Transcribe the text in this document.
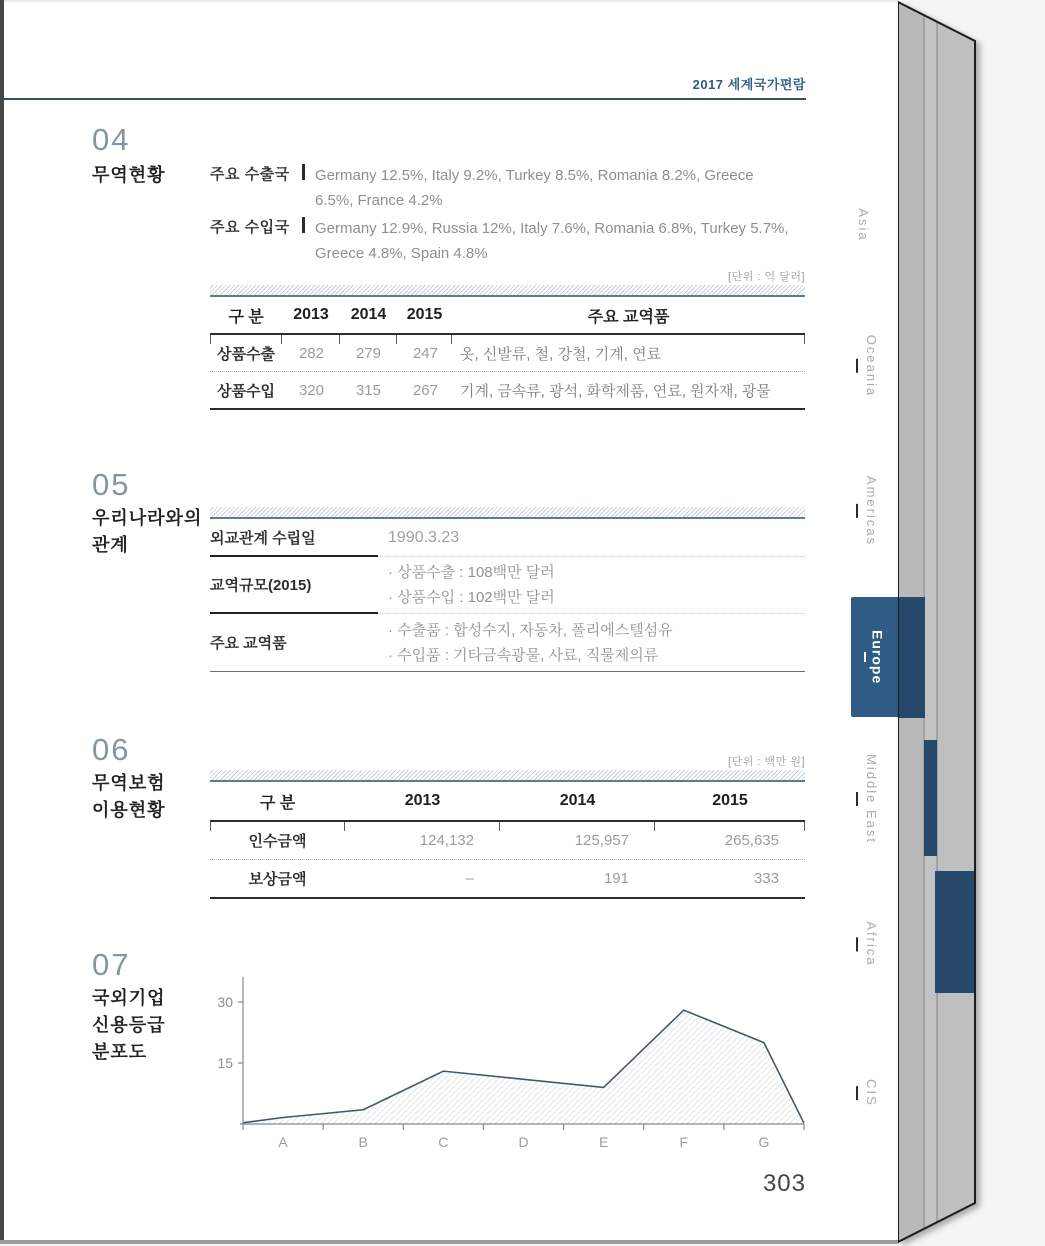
2017 세계국가편람
04
무역현황	주요 수출국	Germany 12.5%, Italy 9.2%, Turkey 8.5%, Romania 8.2%, Greece 6.5%, France 4.2%
주요 수입국	Germany 12.9%, Russia 12%, Italy 7.6%, Romania 6.8%, Turkey 5.7%, Greece 4.8%, Spain 4.8%
[단위 : 억 달러]
구 분	2013	2014	2015	주요 교역품
상품수출	282	279	247	옷, 신발류, 철, 강철, 기계, 연료
상품수입	320	315	267	기계, 금속류, 광석, 화학제품, 연료, 원자재, 광물
05
우리나라와의
관계	외교관계 수립일	1990.3.23
교역규모(2015)
· 상품수출 : 108백만 달러
· 상품수입 : 102백만 달러
주요 교역품
· 수출품 : 합성수지, 자동차, 폴리에스텔섬유
· 수입품 : 기타금속광물, 사료, 직물제의류
06
무역보험
이용현황
[단위 : 백만 원]
구 분	2013	2014	2015
인수금액	124,132	125,957	265,635
보상금액	–	191	333
07
국외기업
신용등급
분포도
15
30
A	B	C	D	E	F	G
303
Asia
Oceania
Americas
Europe
Middle East
Africa
CIS
